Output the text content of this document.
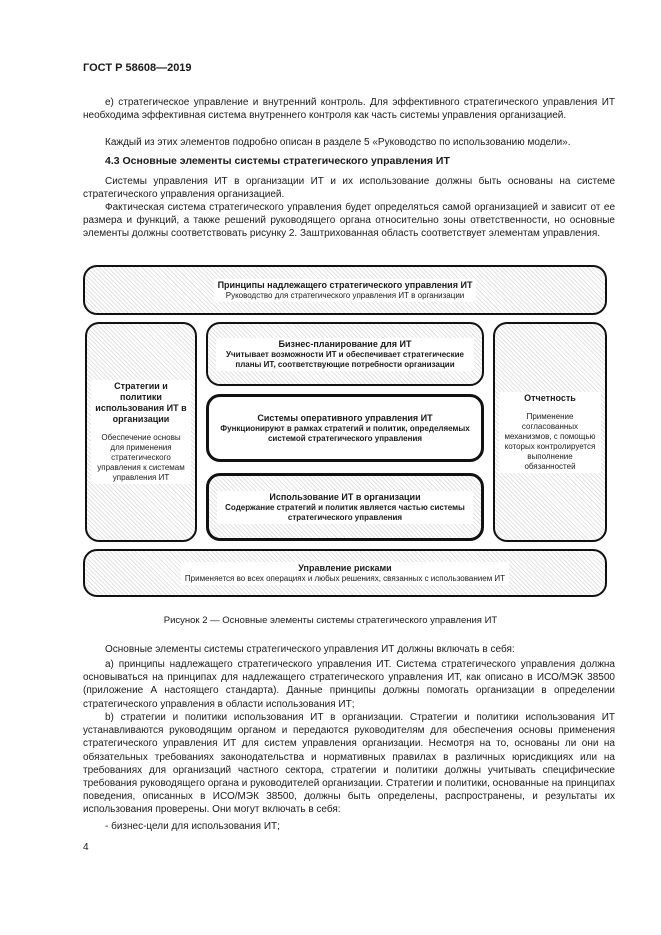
ГОСТ Р 58608—2019

e) стратегическое управление и внутренний контроль. Для эффективного стратегического управления ИТ необходима эффективная система внутреннего контроля как часть системы управления организацией.

Каждый из этих элементов подробно описан в разделе 5 «Руководство по использованию модели».

4.3 Основные элементы системы стратегического управления ИТ

Системы управления ИТ в организации ИТ и их использование должны быть основаны на системе стратегического управления организацией.

Фактическая система стратегического управления будет определяться самой организацией и зависит от ее размера и функций, а также решений руководящего органа относительно зоны ответственности, но основные элементы должны соответствовать рисунку 2. Заштрихованная область соответствует элементам управления.

Принципы надлежащего стратегического управления ИТ

Руководство для стратегического управления ИТ в организации

Стратегии и политики использования ИТ в организации

Обеспечение основы для применения стратегического управления к системам управления ИТ

Бизнес-планирование для ИТ

Учитывает возможности ИТ и обеспечивает стратегические планы ИТ, соответствующие потребности организации

Системы оперативного управления ИТ

Функционируют в рамках стратегий и политик, определяемых системой стратегического управления

Использование ИТ в организации

Содержание стратегий и политик является частью системы стратегического управления

Отчетность

Применение согласованных механизмов, с помощью которых контролируется выполнение обязанностей

Управление рисками

Применяется во всех операциях и любых решениях, связанных с использованием ИТ

Рисунок 2 — Основные элементы системы стратегического управления ИТ

Основные элементы системы стратегического управления ИТ должны включать в себя:

а) принципы надлежащего стратегического управления ИТ. Система стратегического управления должна основываться на принципах для надлежащего стратегического управления ИТ, как описано в ИСО/МЭК 38500 (приложение А настоящего стандарта). Данные принципы должны помогать организации в определении стратегического управления в области использования ИТ;

b) стратегии и политики использования ИТ в организации. Стратегии и политики использования ИТ устанавливаются руководящим органом и передаются руководителям для обеспечения основы применения стратегического управления ИТ для систем управления организации. Несмотря на то, основаны ли они на обязательных требованиях законодательства и нормативных правилах в различных юрисдикциях или на требованиях для организаций частного сектора, стратегии и политики должны учитывать специфические требования руководящего органа и руководителей организации. Стратегии и политики, основанные на принципах поведения, описанных в ИСО/МЭК 38500, должны быть определены, распространены, и результаты их использования проверены. Они могут включать в себя:

- бизнес-цели для использования ИТ;

4
